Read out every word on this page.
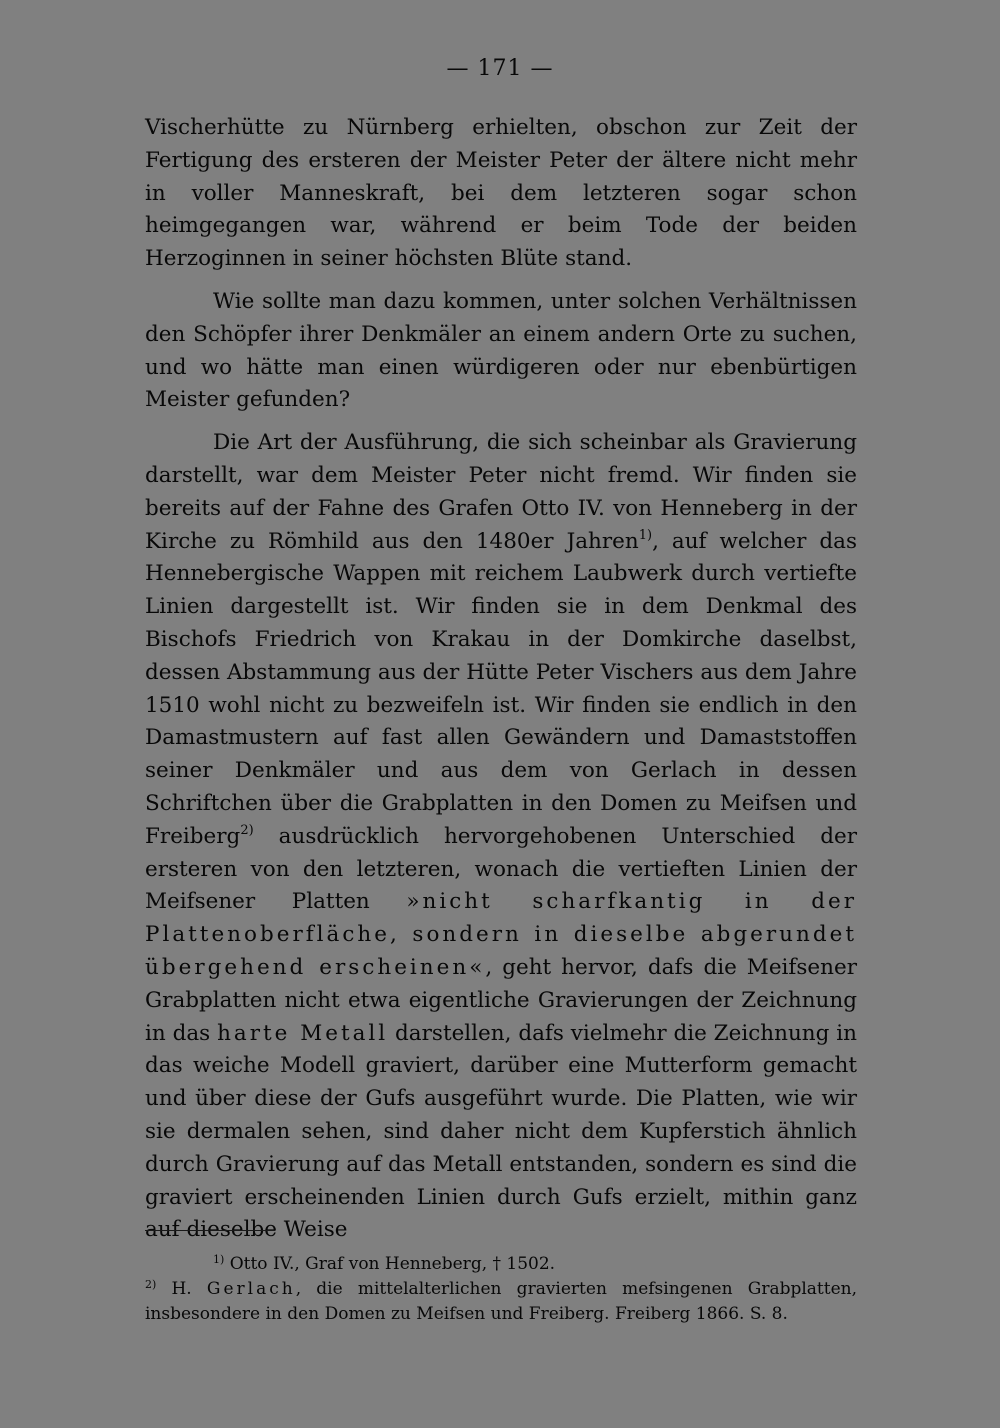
— 171 —

Vischerhütte zu Nürnberg erhielten, obschon zur Zeit der Fertigung des ersteren der Meister Peter der ältere nicht mehr in voller Manneskraft, bei dem letzteren sogar schon heimgegangen war, während er beim Tode der beiden Herzoginnen in seiner höchsten Blüte stand.

Wie sollte man dazu kommen, unter solchen Verhältnissen den Schöpfer ihrer Denkmäler an einem andern Orte zu suchen, und wo hätte man einen würdigeren oder nur ebenbürtigen Meister gefunden?

Die Art der Ausführung, die sich scheinbar als Gravierung darstellt, war dem Meister Peter nicht fremd. Wir finden sie bereits auf der Fahne des Grafen Otto IV. von Henneberg in der Kirche zu Römhild aus den 1480er Jahren$^{1)}$, auf welcher das Hennebergische Wappen mit reichem Laubwerk durch vertiefte Linien dargestellt ist. Wir finden sie in dem Denkmal des Bischofs Friedrich von Krakau in der Domkirche daselbst, dessen Abstammung aus der Hütte Peter Vischers aus dem Jahre 1510 wohl nicht zu bezweifeln ist. Wir finden sie endlich in den Damastmustern auf fast allen Gewändern und Damaststoffen seiner Denkmäler und aus dem von Gerlach in dessen Schriftchen über die Grabplatten in den Domen zu Meifsen und Freiberg$^{2)}$ ausdrücklich hervorgehobenen Unterschied der ersteren von den letzteren, wonach die vertieften Linien der Meifsener Platten »nicht scharfkantig in der Plattenoberfläche, sondern in dieselbe abgerundet übergehend erscheinen«, geht hervor, dafs die Meifsener Grabplatten nicht etwa eigentliche Gravierungen der Zeichnung in das harte Metall darstellen, dafs vielmehr die Zeichnung in das weiche Modell graviert, darüber eine Mutterform gemacht und über diese der Gufs ausgeführt wurde. Die Platten, wie wir sie dermalen sehen, sind daher nicht dem Kupferstich ähnlich durch Gravierung auf das Metall entstanden, sondern es sind die graviert erscheinenden Linien durch Gufs erzielt, mithin ganz auf dieselbe Weise

$^{1)}$ Otto IV., Graf von Henneberg, † 1502.

$^{2)}$ H. Gerlach, die mittelalterlichen gravierten mefsingenen Grabplatten, insbesondere in den Domen zu Meifsen und Freiberg. Freiberg 1866. S. 8.
